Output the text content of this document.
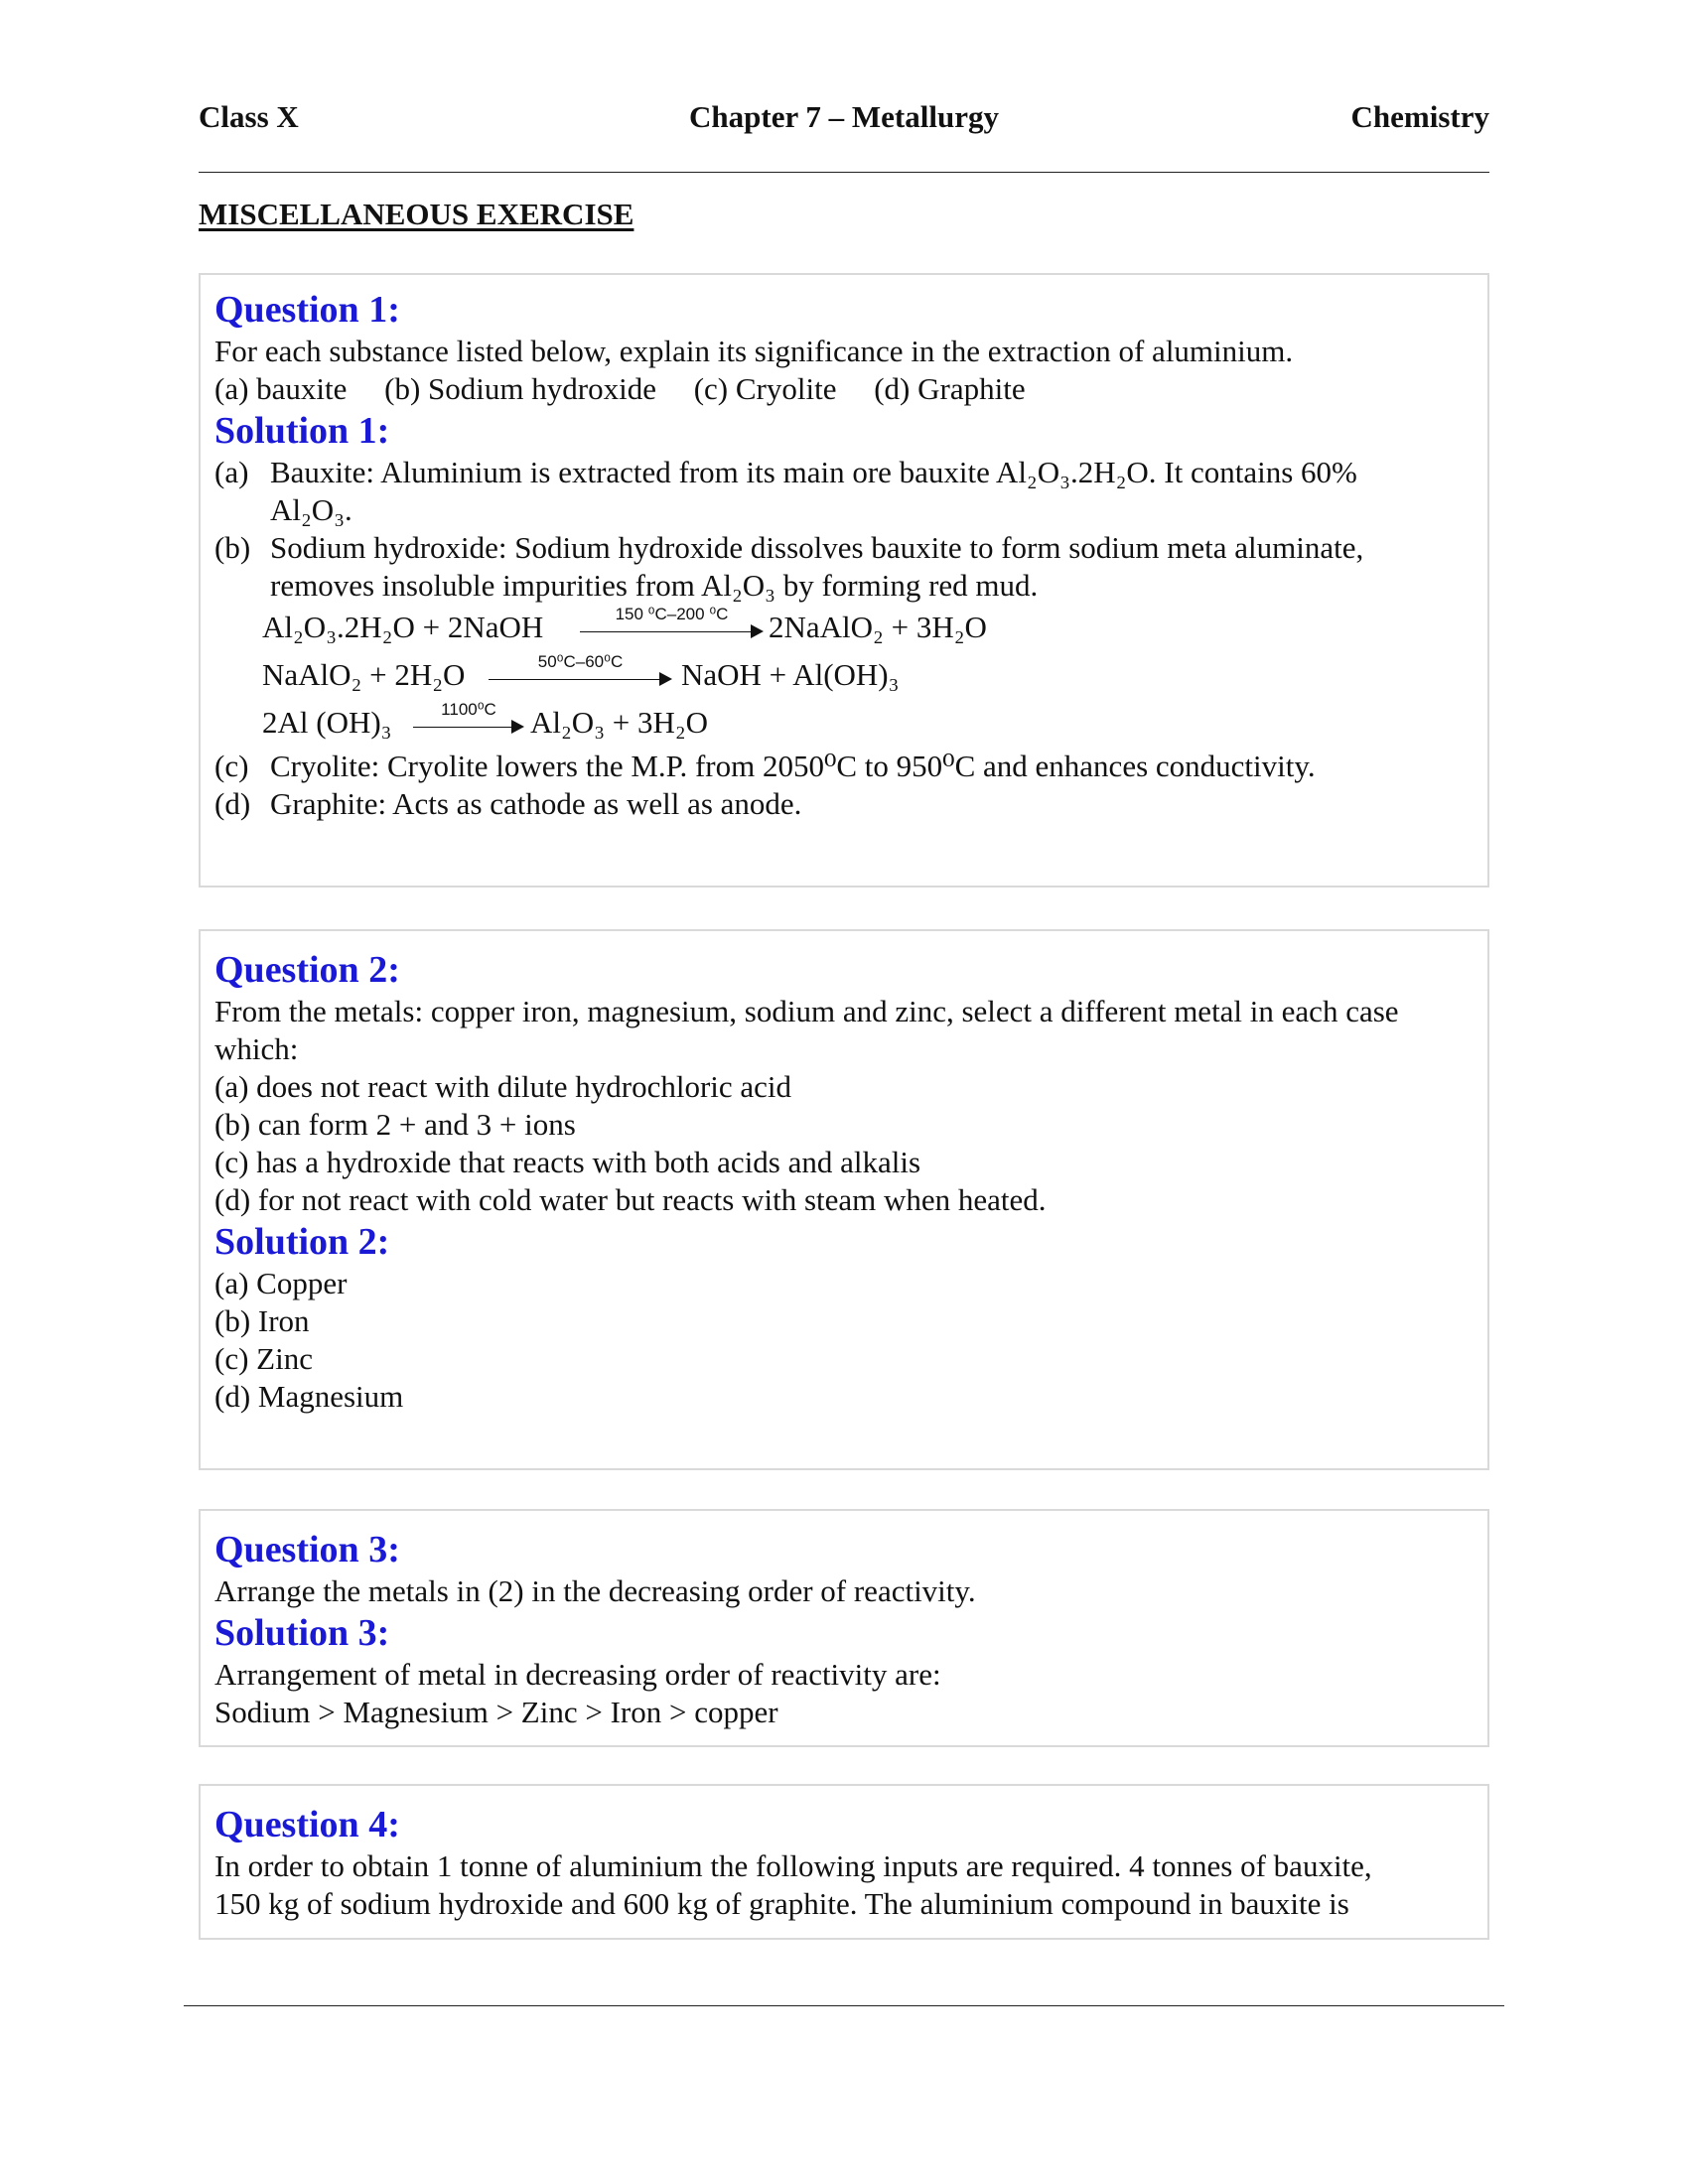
Class X	Chapter 7 – Metallurgy	Chemistry
MISCELLANEOUS EXERCISE
Question 1:
For each substance listed below, explain its significance in the extraction of aluminium.
(a) bauxite (b) Sodium hydroxide (c) Cryolite (d) Graphite
Solution 1:
(a) Bauxite: Aluminium is extracted from its main ore bauxite Al₂O₃.2H₂O. It contains 60%
Al₂O₃.
(b) Sodium hydroxide: Sodium hydroxide dissolves bauxite to form sodium meta aluminate, removes insoluble impurities from Al₂O₃ by forming red mud.
Al₂O₃.2H₂O + 2NaOH	150 ⁰C–200 ⁰C	2NaAlO₂ + 3H₂O
NaAlO₂ + 2H₂O	50⁰C–60⁰C	NaOH + Al(OH)₃
2Al (OH)₃	1100⁰C	Al₂O₃ + 3H₂O
(c) Cryolite: Cryolite lowers the M.P. from 2050⁰C to 950⁰C and enhances conductivity.
(d) Graphite: Acts as cathode as well as anode.
Question 2:
From the metals: copper iron, magnesium, sodium and zinc, select a different metal in each case
which:
(a) does not react with dilute hydrochloric acid
(b) can form 2 + and 3 + ions
(c) has a hydroxide that reacts with both acids and alkalis
(d) for not react with cold water but reacts with steam when heated.
Solution 2:
(a) Copper
(b) Iron
(c) Zinc
(d) Magnesium
Question 3:
Arrange the metals in (2) in the decreasing order of reactivity.
Solution 3:
Arrangement of metal in decreasing order of reactivity are:
Sodium > Magnesium > Zinc > Iron > copper
Question 4:
In order to obtain 1 tonne of aluminium the following inputs are required. 4 tonnes of bauxite,
150 kg of sodium hydroxide and 600 kg of graphite. The aluminium compound in bauxite is
